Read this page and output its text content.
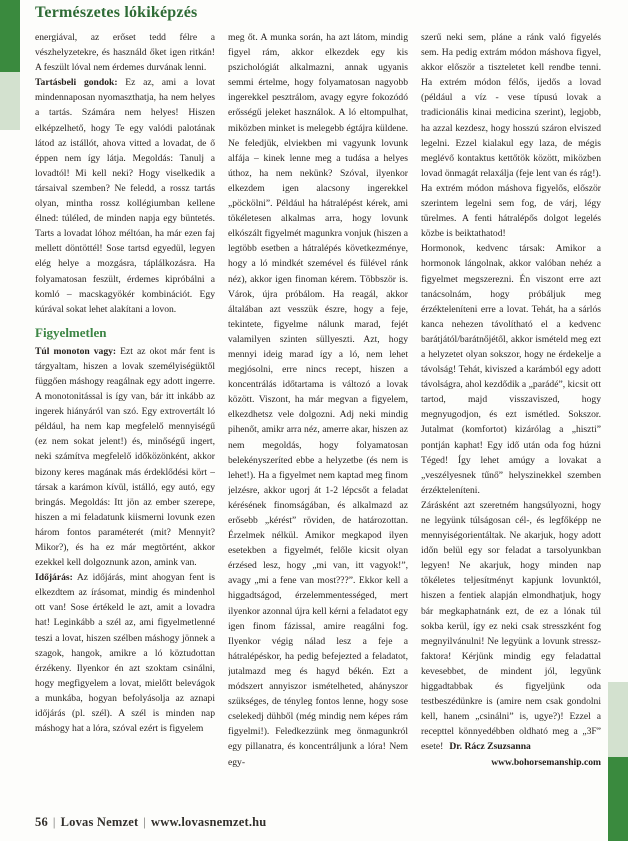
Természetes lókiképzés

energiával, az erőset tedd félre a vészhelyzetekre, és használd őket igen ritkán! A feszült lóval nem érdemes durvának lenni.

Tartásbeli gondok: Ez az, ami a lovat mindennaposan nyomaszthatja, ha nem helyes a tartás. Számára nem helyes! Hiszen elképzelhető, hogy Te egy valódi palotának látod az istállót, ahova vitted a lovadat, de ő éppen nem így látja. Megoldás: Tanulj a lovadtól! Mi kell neki? Hogy viselkedik a társaival szemben? Ne feledd, a rossz tartás olyan, mintha rossz kollégiumban kellene élned: túléled, de minden napja egy büntetés. Tarts a lovadat lóhoz méltóan, ha már ezen faj mellett döntöttél! Sose tartsd egyedül, legyen elég helye a mozgásra, táplálkozásra. Ha folyamatosan feszült, érdemes kipróbálni a komló – macskagyökér kombinációt. Egy kúrával sokat lehet alakítani a lovon.

Figyelmetlen

Túl monoton vagy: Ezt az okot már fent is tárgyaltam, hiszen a lovak személyiségüktől függően máshogy reagálnak egy adott ingerre. A monotonitással is így van, bár itt inkább az ingerek hiányáról van szó. Egy extrovertált ló például, ha nem kap megfelelő mennyiségű (ez nem sokat jelent!) és, minőségű ingert, neki számítva megfelelő időközönként, akkor bizony keres magának más érdeklődési kört – társak a karámon kívül, istálló, egy autó, egy bringás. Megoldás: Itt jön az ember szerepe, hiszen a mi feladatunk kiismerni lovunk ezen három fontos paraméterét (mit? Mennyit? Mikor?), és ha ez már megtörtént, akkor ezekkel kell dolgoznunk azon, amink van.

Időjárás: Az időjárás, mint ahogyan fent is elkezdtem az írásomat, mindig és mindenhol ott van! Sose értékeld le azt, amit a lovadra hat! Leginkább a szél az, ami figyelmetlenné teszi a lovat, hiszen szélben máshogy jönnek a szagok, hangok, amikre a ló köztudottan érzékeny. Ilyenkor én azt szoktam csinálni, hogy megfigyelem a lovat, mielőtt belevágok a munkába, hogyan befolyásolja az aznapi időjárás (pl. szél). A szél is minden nap máshogy hat a lóra, szóval ezért is figyelem

meg őt. A munka során, ha azt látom, mindig figyel rám, akkor elkezdek egy kis pszichológiát alkalmazni, annak ugyanis semmi értelme, hogy folyamatosan nagyobb ingerekkel pesztrálom, avagy egyre fokozódó erősségű jeleket használok. A ló eltompulhat, miközben minket is melegebb égtájra küldene. Ne feledjük, elviekben mi vagyunk lovunk alfája – kinek lenne meg a tudása a helyes úthoz, ha nem nekünk? Szóval, ilyenkor elkezdem igen alacsony ingerekkel „pöckölni”. Például ha hátralépést kérek, ami tökéletesen alkalmas arra, hogy lovunk elkószált figyelmét magunkra vonjuk (hiszen a legtöbb esetben a hátralépés következménye, hogy a ló mindkét szemével és fülével ránk néz), akkor igen finoman kérem. Többször is. Várok, újra próbálom. Ha reagál, akkor általában azt vesszük észre, hogy a feje, tekintete, figyelme nálunk marad, fejét valamilyen szinten süllyeszti. Azt, hogy mennyi ideig marad így a ló, nem lehet megjósolni, erre nincs recept, hiszen a koncentrálás időtartama is változó a lovak között. Viszont, ha már megvan a figyelem, elkezdhetsz vele dolgozni. Adj neki mindig pihenőt, amikr arra néz, amerre akar, hiszen az nem megoldás, hogy folyamatosan belekényszeríted ebbe a helyzetbe (és nem is lehet!). Ha a figyelmet nem kaptad meg finom jelzésre, akkor ugorj át 1-2 lépcsőt a feladat kérésének finomságában, és alkalmazd az erősebb „kérést” röviden, de határozottan. Érzelmek nélkül. Amikor megkapod ilyen esetekben a figyelmét, felőle kicsit olyan érzésed lesz, hogy „mi van, itt vagyok!”, avagy „mi a fene van most???”. Ekkor kell a higgadtságod, érzelemmentességed, mert ilyenkor azonnal újra kell kérni a feladatot egy igen finom fázissal, amire reagálni fog. Ilyenkor végig nálad lesz a feje a hátralépéskor, ha pedig befejezted a feladatot, jutalmazd meg és hagyd békén. Ezt a módszert annyiszor ismételheted, ahányszor szükséges, de tényleg fontos lenne, hogy sose cselekedj dühből (még mindig nem képes rám figyelmi!). Feledkezzünk meg önmagunkról egy pillanatra, és koncentráljunk a lóra! Nem egy-

szerű neki sem, pláne a ránk való figyelés sem. Ha pedig extrám módon máshova figyel, akkor először a tiszteletet kell rendbe tenni. Ha extrém módon félős, ijedős a lovad (például a víz - vese típusú lovak a tradicionális kinai medicina szerint), legjobb, ha azzal kezdesz, hogy hosszú száron elviszed legelni. Ezzel kialakul egy laza, de mégis meglévő kontaktus kettőtök között, miközben lovad önmagát relaxálja (feje lent van és rág!). Ha extrém módon máshova figyelős, először szerintem legelni sem fog, de várj, légy türelmes. A fenti hátralépős dolgot legelés közbe is beiktathatod!

Hormonok, kedvenc társak: Amikor a hormonok lángolnak, akkor valóban nehéz a figyelmet megszerezni. Én viszont erre azt tanácsolnám, hogy próbáljuk meg érzékteleníteni erre a lovat. Tehát, ha a sárlós kanca nehezen távolítható el a kedvenc barátjától/barátnőjétől, akkor ismételd meg ezt a helyzetet olyan sokszor, hogy ne érdekelje a távolság! Tehát, kiviszed a karámból egy adott távolságra, ahol kezdődik a „parádé”, kicsit ott tartod, majd visszaviszed, hogy megnyugodjon, és ezt ismétled. Sokszor. Jutalmat (komfortot) kizárólag a „hiszti” pontján kaphat! Egy idő után oda fog húzni Téged! Így lehet amúgy a lovakat a „veszélyesnek tűnő” helyszinekkel szemben érzékteleníteni.

Zárásként azt szeretném hangsúlyozni, hogy ne legyünk túlságosan cél-, és legfőképp ne mennyiségorientáltak. Ne akarjuk, hogy adott időn belül egy sor feladat a tarsolyunkban legyen! Ne akarjuk, hogy minden nap tökéletes teljesítményt kapjunk lovunktól, hiszen a fentiek alapján elmondhatjuk, hogy bár megkaphatnánk ezt, de ez a lónak túl sokba kerül, így ez neki csak stresszként fog megnyilvánulni! Ne legyünk a lovunk stressz-faktora! Kérjünk mindig egy feladattal kevesebbet, de mindent jól, legyünk higgadtabbak és figyeljünk oda testbeszédünkre is (amire nem csak gondolni kell, hanem „csinálni” is, ugye?)! Ezzel a recepttel könnyedébben oldható meg a „3F” esete! Dr. Rácz Zsuzsanna

www.bohorsemanship.com

56 | Lovas Nemzet | www.lovasnemzet.hu
